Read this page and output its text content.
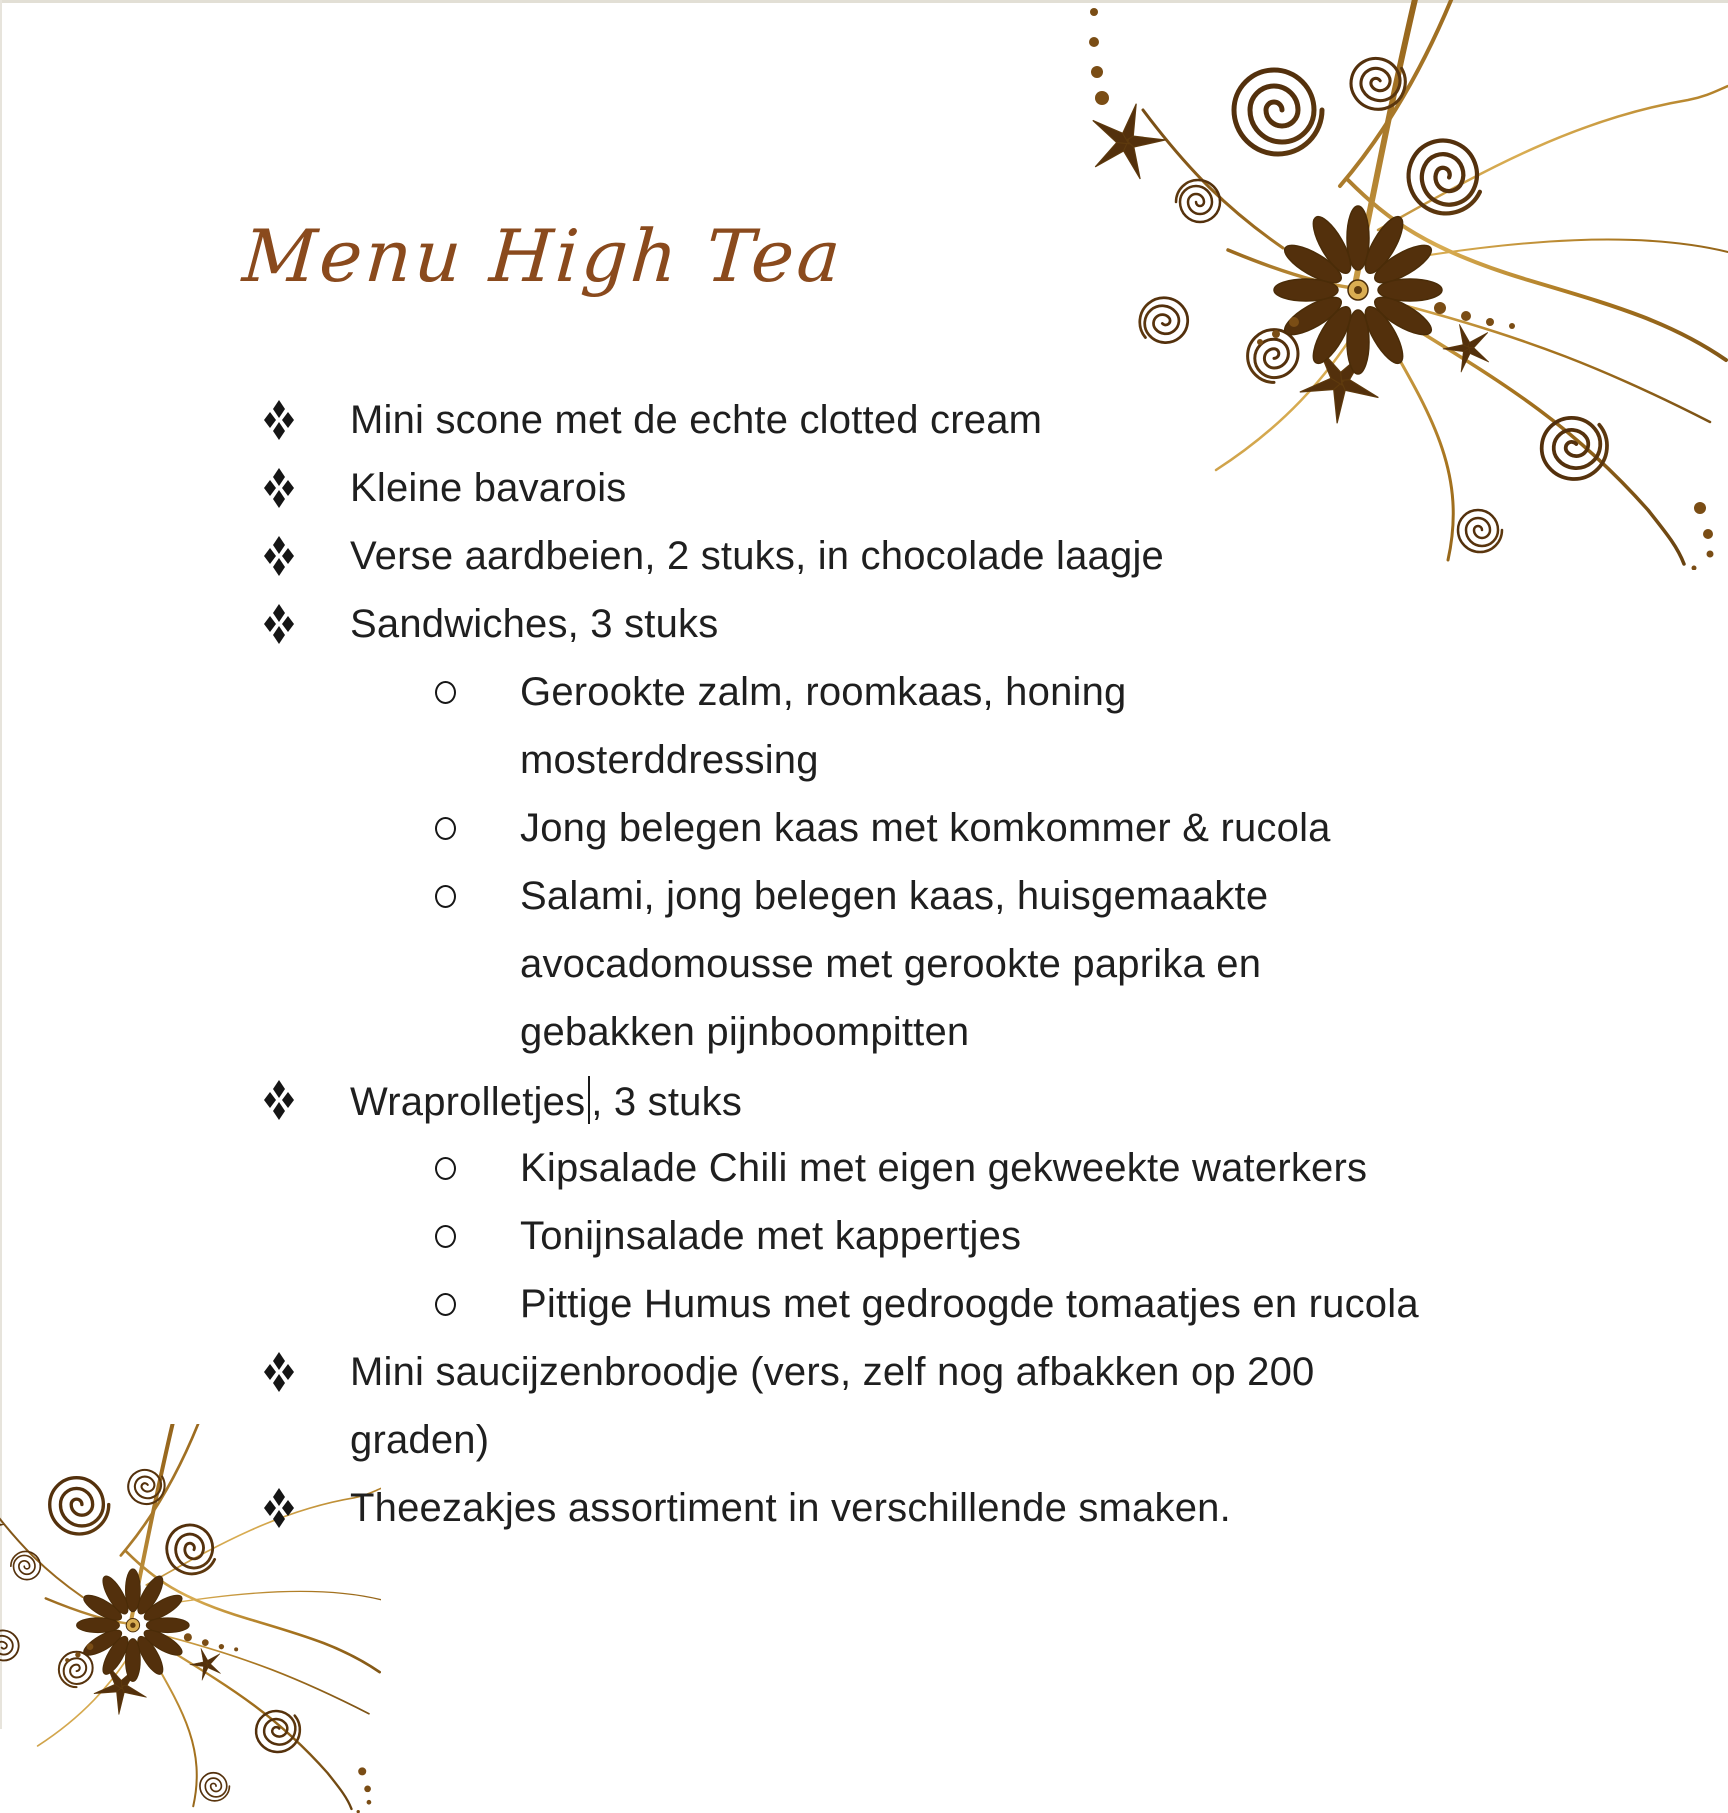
Menu High Tea
Mini scone met de echte clotted cream
Kleine bavarois
Verse aardbeien, 2 stuks, in chocolade laagje
Sandwiches, 3 stuks
Gerookte zalm, roomkaas, honing
mosterddressing
Jong belegen kaas met komkommer & rucola
Salami, jong belegen kaas, huisgemaakte
avocadomousse met gerookte paprika en
gebakken pijnboompitten
Wraprolletjes , 3 stuks
Kipsalade Chili met eigen gekweekte waterkers
Tonijnsalade met kappertjes
Pittige Humus met gedroogde tomaatjes en rucola
Mini saucijzenbroodje (vers, zelf nog afbakken op 200
graden)
Theezakjes assortiment in verschillende smaken.
